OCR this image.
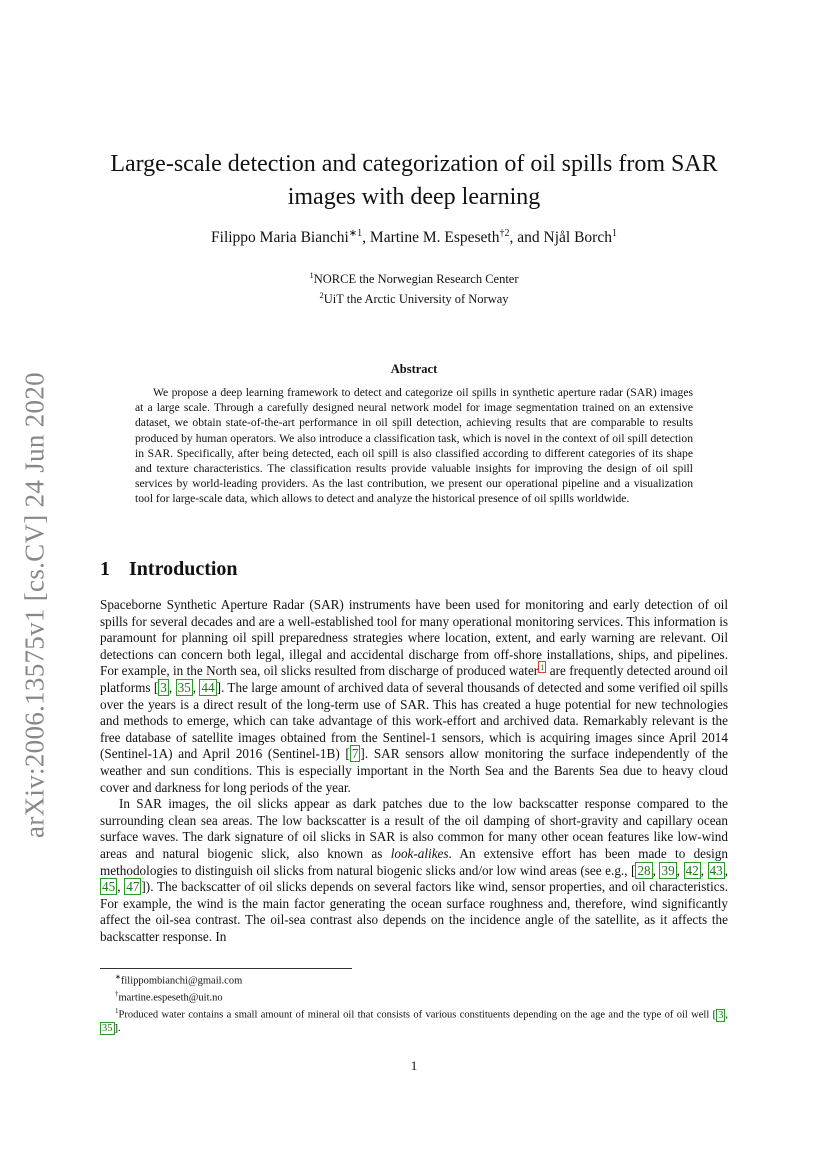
arXiv:2006.13575v1 [cs.CV] 24 Jun 2020
Large-scale detection and categorization of oil spills from SAR
images with deep learning
Filippo Maria Bianchi$^{∗1}$, Martine M. Espeseth$^{\dagger 2}$, and Njål Borch$^1$
$^1$NORCE the Norwegian Research Center
$^2$UiT the Arctic University of Norway
Abstract

We propose a deep learning framework to detect and categorize oil spills in synthetic aperture radar (SAR) images at a large scale. Through a carefully designed neural network model for image segmentation trained on an extensive dataset, we obtain state-of-the-art performance in oil spill detection, achieving results that are comparable to results produced by human operators. We also introduce a classification task, which is novel in the context of oil spill detection in SAR. Specifically, after being detected, each oil spill is also classified according to different categories of its shape and texture characteristics. The classification results provide valuable insights for improving the design of oil spill services by world-leading providers. As the last contribution, we present our operational pipeline and a visualization tool for large-scale data, which allows to detect and analyze the historical presence of oil spills worldwide.

1 Introduction

Spaceborne Synthetic Aperture Radar (SAR) instruments have been used for monitoring and early detection of oil spills for several decades and are a well-established tool for many operational monitoring services. This information is paramount for planning oil spill preparedness strategies where location, extent, and early warning are relevant. Oil detections can concern both legal, illegal and accidental discharge from off-shore installations, ships, and pipelines. For example, in the North sea, oil slicks resulted from discharge of produced water $^1$ are frequently detected around oil platforms [ 3 , 35 , 44 ]. The large amount of archived data of several thousands of detected and some verified oil spills over the years is a direct result of the long-term use of SAR. This has created a huge potential for new technologies and methods to emerge, which can take advantage of this work-effort and archived data. Remarkably relevant is the free database of satellite images obtained from the Sentinel-1 sensors, which is acquiring images since April 2014 (Sentinel-1A) and April 2016 (Sentinel-1B) [ 7 ]. SAR sensors allow monitoring the surface independently of the weather and sun conditions. This is especially important in the North Sea and the Barents Sea due to heavy cloud cover and darkness for long periods of the year.

In SAR images, the oil slicks appear as dark patches due to the low backscatter response compared to the surrounding clean sea areas. The low backscatter is a result of the oil damping of short-gravity and capillary ocean surface waves. The dark signature of oil slicks in SAR is also common for many other ocean features like low-wind areas and natural biogenic slick, also known as look-alikes. An extensive effort has been made to design methodologies to distinguish oil slicks from natural biogenic slicks and/or low wind areas (see e.g., [ 28 , 39 , 42 , 43 , 45 , 47 ]). The backscatter of oil slicks depends on several factors like wind, sensor properties, and oil characteristics. For example, the wind is the main factor generating the ocean surface roughness and, therefore, wind significantly affect the oil-sea contrast. The oil-sea contrast also depends on the incidence angle of the satellite, as it affects the backscatter response. In

∗filippombianchi@gmail.com
†martine.espeseth@uit.no
$^1$Produced water contains a small amount of mineral oil that consists of various constituents depending on the age and the type of oil well [ 3 , 35 ].
1
